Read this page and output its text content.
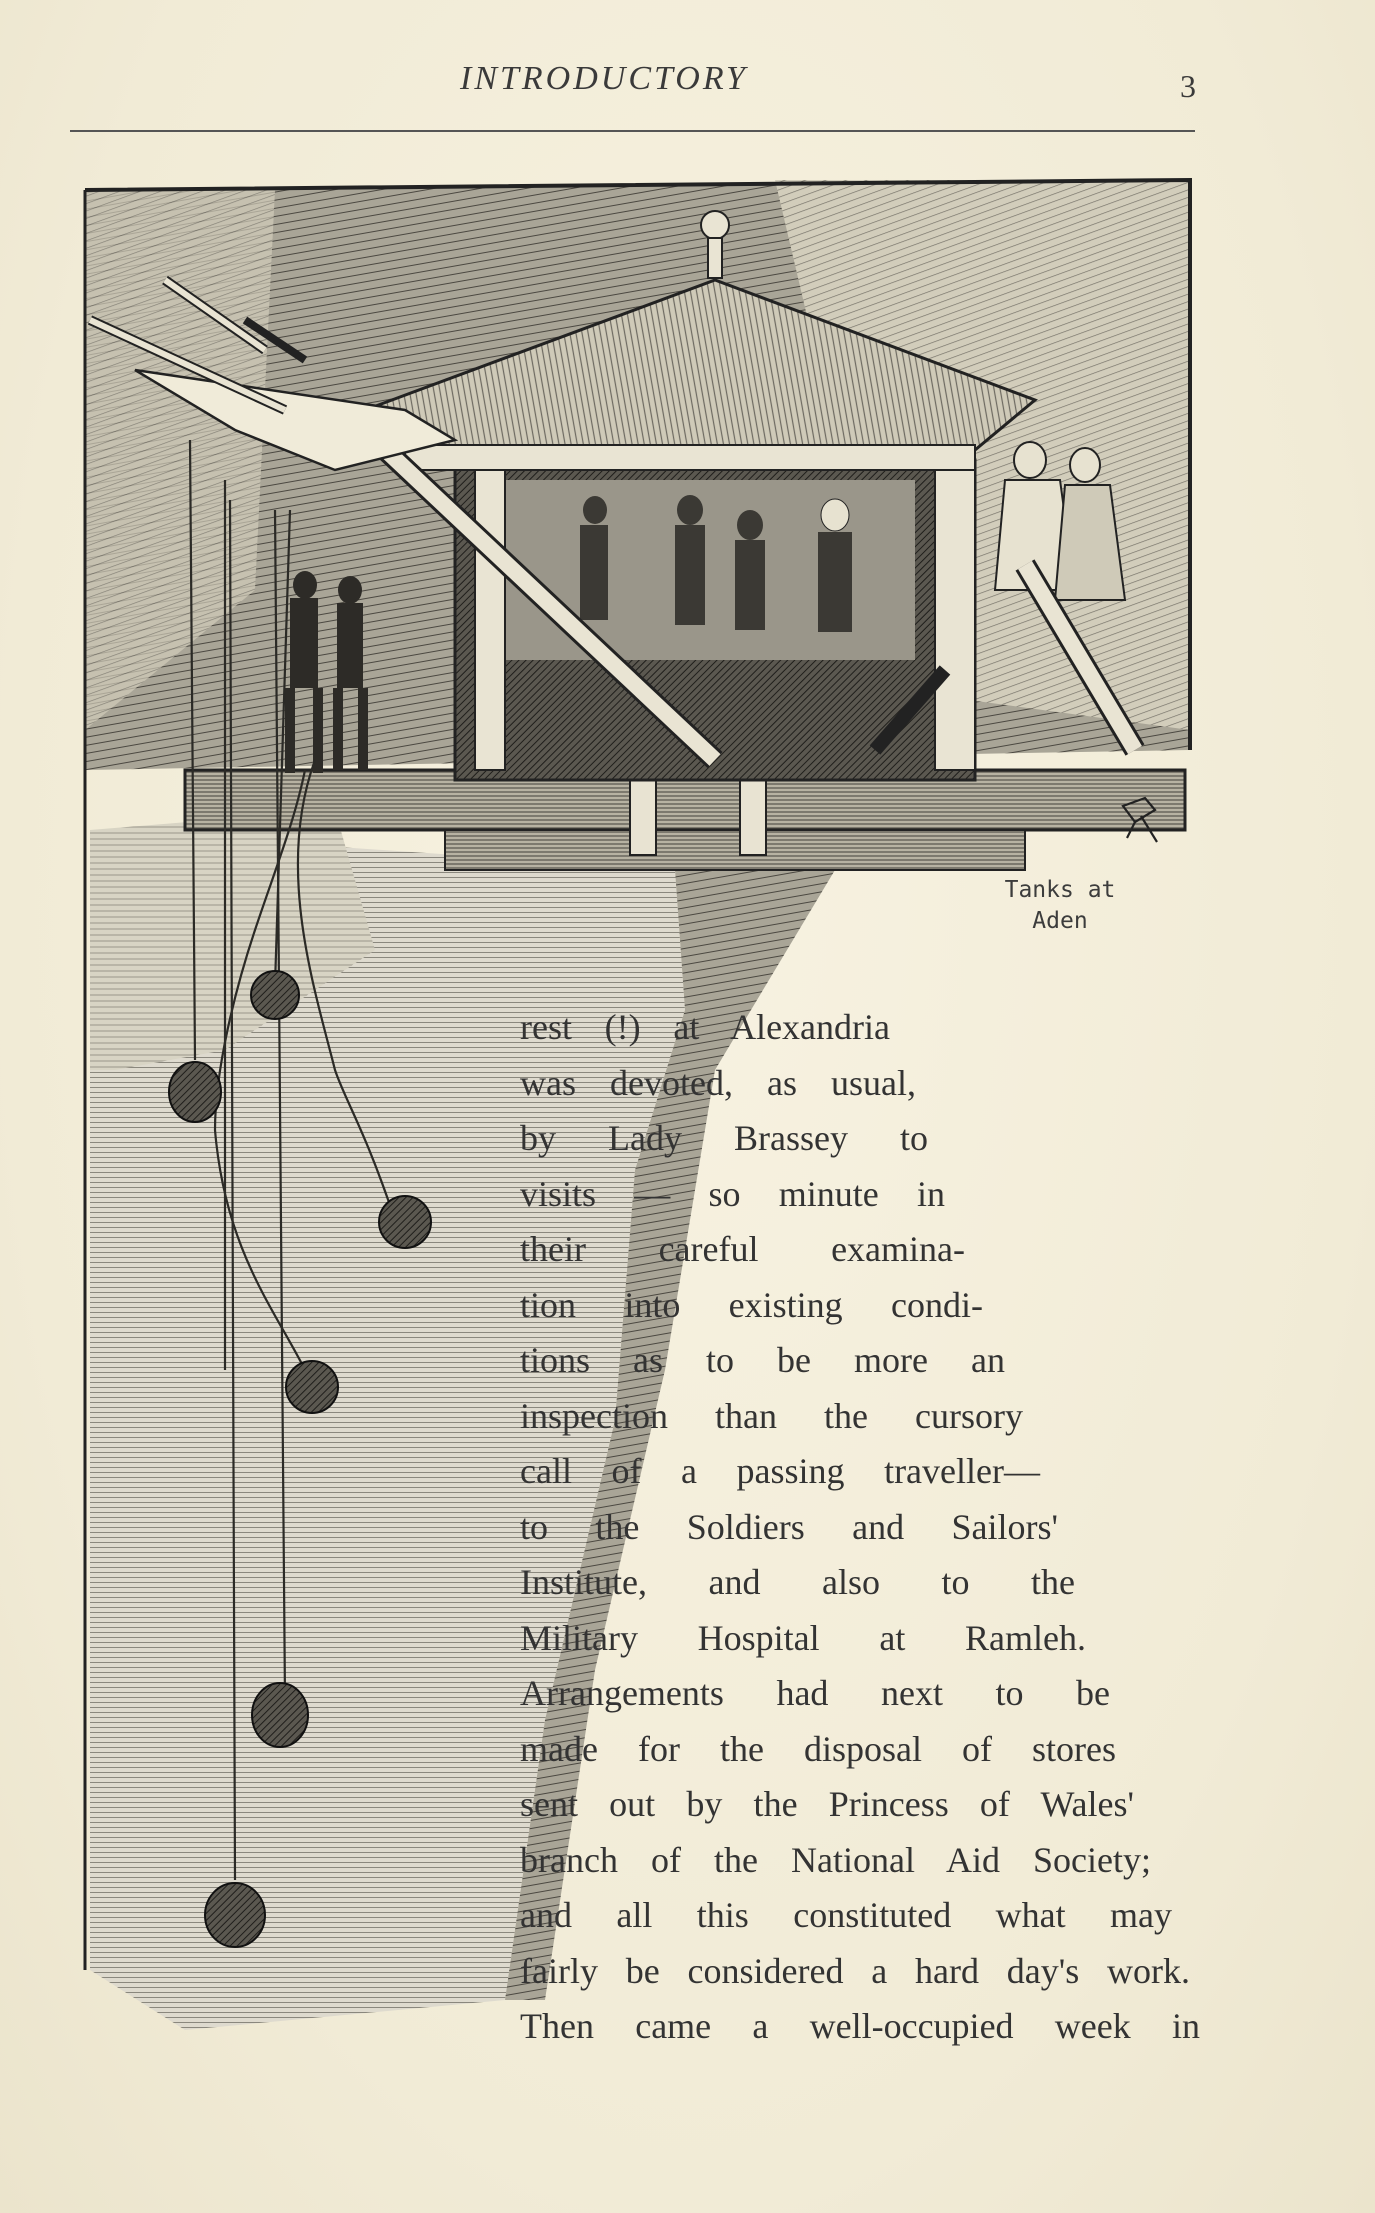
INTRODUCTORY	3
Tanks at
Aden
rest (!) at Alexandria
was devoted, as usual,
by Lady Brassey to
visits — so minute in
their careful examina-
tion into existing condi-
tions as to be more an
inspection than the cursory
call of a passing traveller—
to the Soldiers and Sailors'
Institute, and also to the
Military Hospital at Ramleh.
Arrangements had next to be
made for the disposal of stores
sent out by the Princess of Wales'
branch of the National Aid Society;
and all this constituted what may
fairly be considered a hard day's work.
Then came a well-occupied week in
